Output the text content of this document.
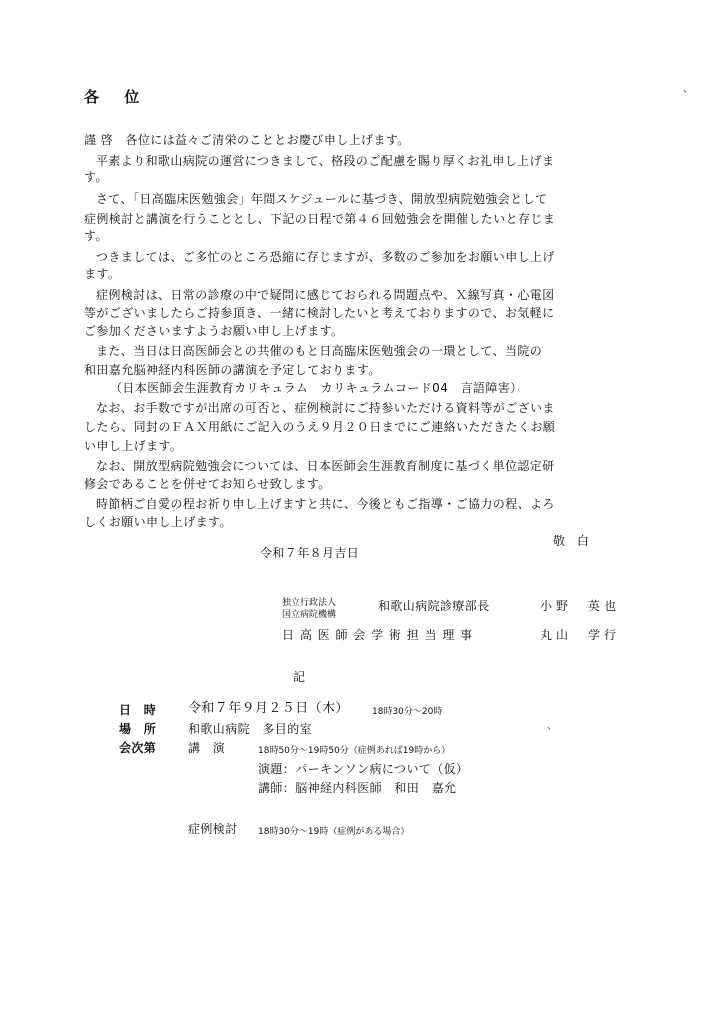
、
、
各 位
謹 啓　各位には益々ご清栄のこととお慶び申し上げます。
平素より和歌山病院の運営につきまして、格段のご配慮を賜り厚くお礼申し上げま
す。
さて、「日高臨床医勉強会」年間スケジュールに基づき、開放型病院勉強会として
症例検討と講演を行うこととし、下記の日程で第４６回勉強会を開催したいと存じま
す。
つきましては、ご多忙のところ恐縮に存じますが、多数のご参加をお願い申し上げ
ます。
症例検討は、日常の診療の中で疑問に感じておられる問題点や、Ｘ線写真・心電図
等がございましたらご持参頂き、一緒に検討したいと考えておりますので、お気軽に
ご参加くださいますようお願い申し上げます。
また、当日は日高医師会との共催のもと日高臨床医勉強会の一環として、当院の
和田嘉允脳神経内科医師の講演を予定しております。
（日本医師会生涯教育カリキュラム　カリキュラムコード04　言語障害）
なお、お手数ですが出席の可否と、症例検討にご持参いただける資料等がございま
したら、同封のＦＡＸ用紙にご記入のうえ９月２０日までにご連絡いただきたくお願
い申し上げます。
なお、開放型病院勉強会については、日本医師会生涯教育制度に基づく単位認定研
修会であることを併せてお知らせ致します。
時節柄ご自愛の程お祈り申し上げますと共に、今後ともご指導・ご協力の程、よろ
しくお願い申し上げます。
敬 白
令和７年８月吉日
独立行政法人
国立病院機構
和歌山病院診療部長	小野　英也
日 高 医 師 会 学 術 担 当 理 事	丸山　学行
記
日　時 令和７年９月２５日（木）	18時30分〜20時
場　所	和歌山病院　多目的室
会次第	講　演	18時50分〜19時50分（症例あれば19時から）
演題：パーキンソン病について（仮）
講師：脳神経内科医師　和田　嘉允
症例検討 18時30分〜19時（症例がある場合）
